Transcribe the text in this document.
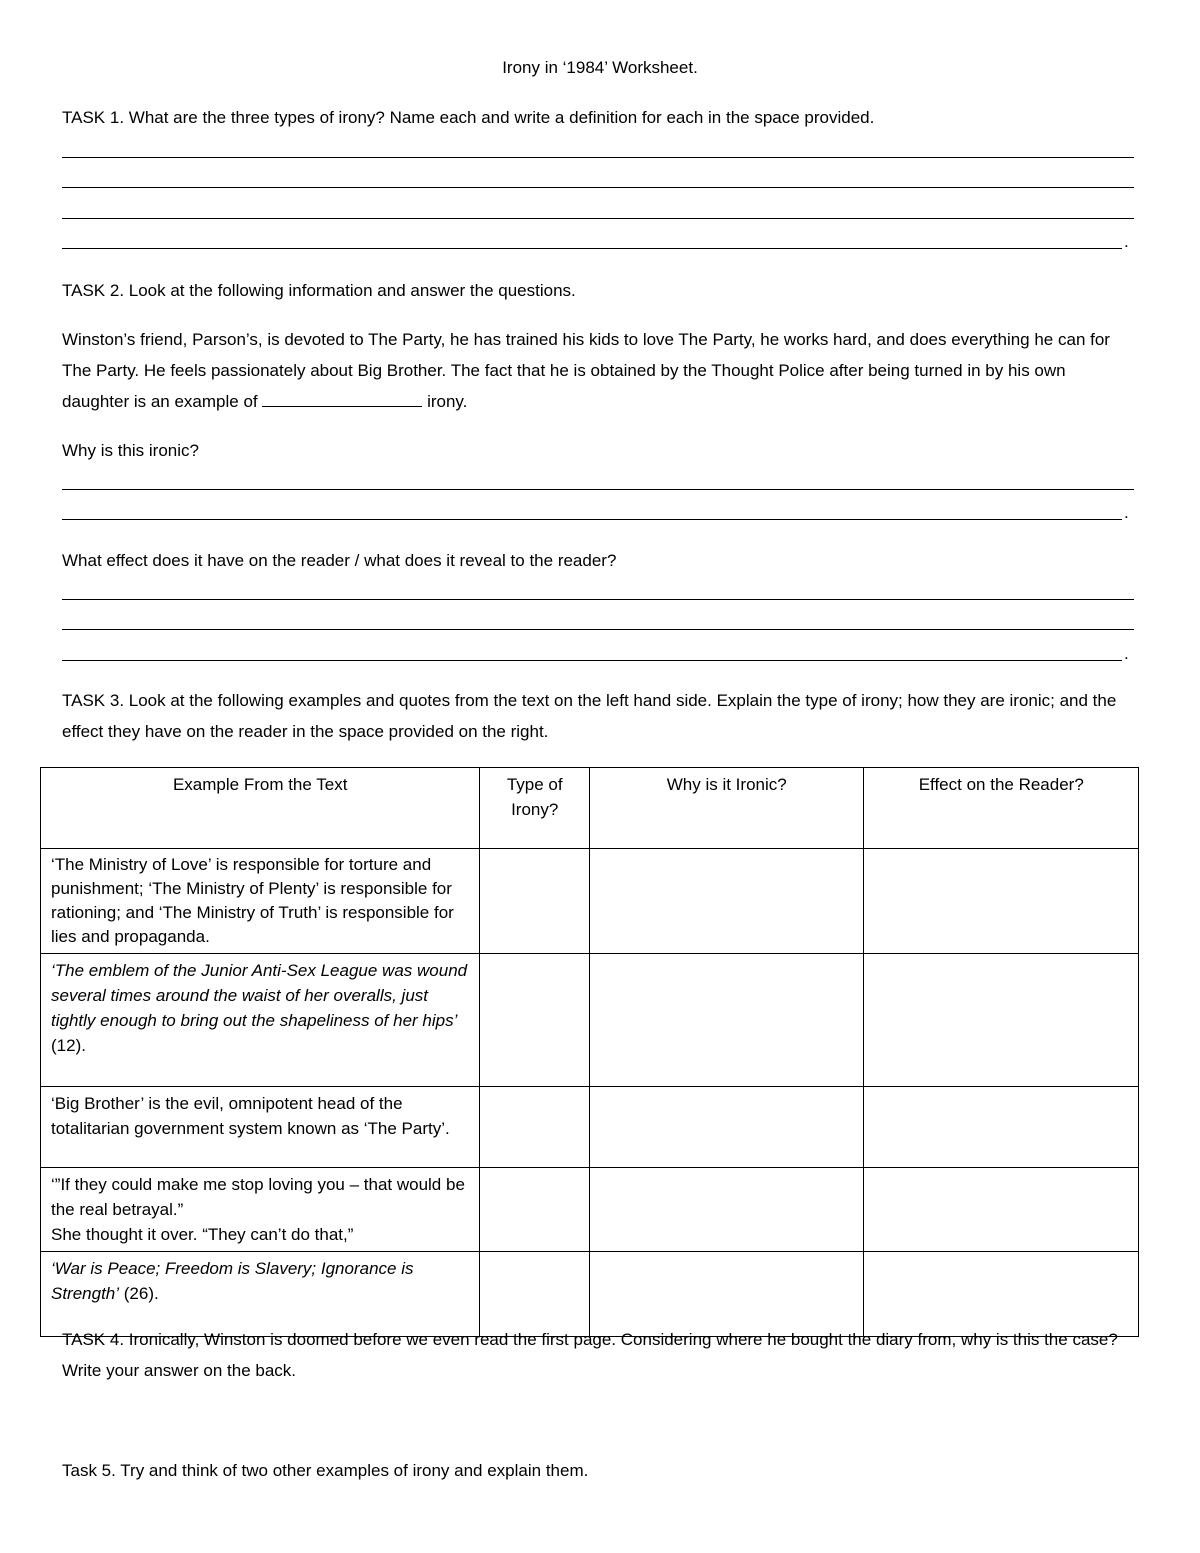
Irony in ‘1984’ Worksheet.
TASK 1. What are the three types of irony? Name each and write a definition for each in the space provided.
.
TASK 2. Look at the following information and answer the questions.
Winston’s friend, Parson’s, is devoted to The Party, he has trained his kids to love The Party, he works hard, and does everything he can for The Party. He feels passionately about Big Brother. The fact that he is obtained by the Thought Police after being turned in by his own daughter is an example of	irony.
Why is this ironic?
.
What effect does it have on the reader / what does it reveal to the reader?
.
TASK 3. Look at the following examples and quotes from the text on the left hand side. Explain the type of irony; how they are ironic; and the effect they have on the reader in the space provided on the right.
Example From the Text	Type of Irony?	Why is it Ironic?	Effect on the Reader?
‘The Ministry of Love’ is responsible for torture and punishment; ‘The Ministry of Plenty’ is responsible for rationing; and ‘The Ministry of Truth’ is responsible for lies and propaganda.			
‘The emblem of the Junior Anti-Sex League was wound several times around the waist of her overalls, just tightly enough to bring out the shapeliness of her hips’ (12).			
‘Big Brother’ is the evil, omnipotent head of the totalitarian government system known as ‘The Party’.			

‘”If they could make me stop loving you – that would be the real betrayal.”
She thought it over. “They can’t do that,”			

‘War is Peace; Freedom is Slavery; Ignorance is Strength’ (26).			
TASK 4. Ironically, Winston is doomed before we even read the first page. Considering where he bought the diary from, why is this the case? Write your answer on the back.
Task 5. Try and think of two other examples of irony and explain them.
